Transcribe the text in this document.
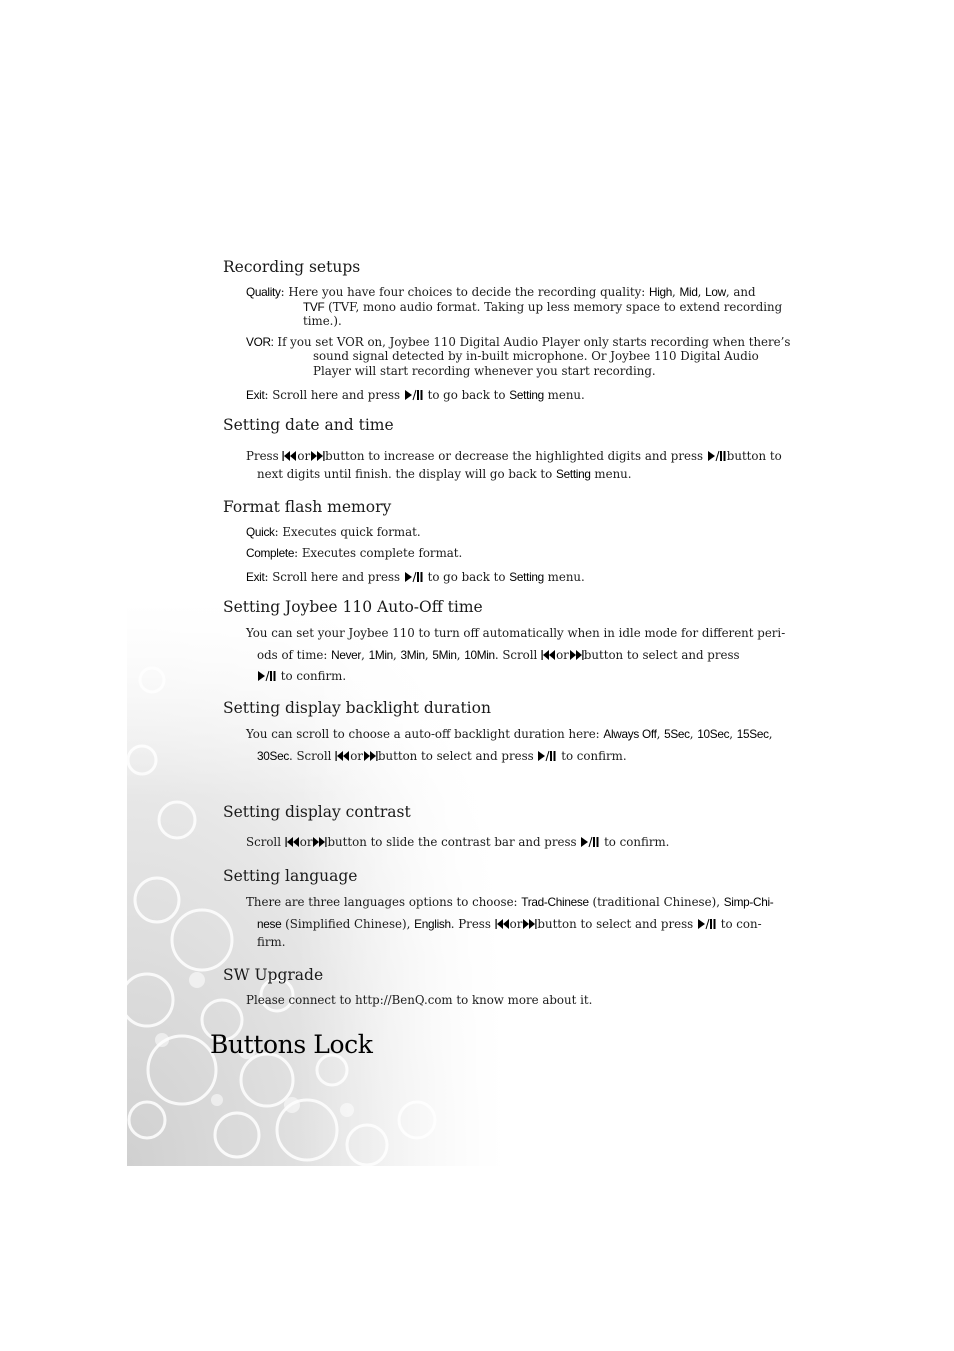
Recording setups
Quality: Here you have four choices to decide the recording quality: High, Mid, Low, and
TVF (TVF, mono audio format. Taking up less memory space to extend recording
time.).
VOR: If you set VOR on, Joybee 110 Digital Audio Player only starts recording when there’s
sound signal detected by in-built microphone. Or Joybee 110 Digital Audio
Player will start recording whenever you start recording.
Exit: Scroll here and press to go back to Setting menu.
Setting date and time
Press or button to increase or decrease the highlighted digits and press button to
next digits until finish. the display will go back to Setting menu.
Format flash memory
Quick: Executes quick format.
Complete: Executes complete format.
Exit: Scroll here and press to go back to Setting menu.
Setting Joybee 110 Auto-Off time
You can set your Joybee 110 to turn off automatically when in idle mode for different peri-
ods of time: Never, 1Min, 3Min, 5Min, 10Min. Scroll or button to select and press
to confirm.
Setting display backlight duration
You can scroll to choose a auto-off backlight duration here: Always Off, 5Sec, 10Sec, 15Sec,
30Sec. Scroll or button to select and press to confirm.
Setting display contrast
Scroll or button to slide the contrast bar and press to confirm.
Setting language
There are three languages options to choose: Trad-Chinese (traditional Chinese), Simp-Chi-
nese (Simplified Chinese), English. Press or button to select and press to con-
firm.
SW Upgrade
Please connect to http://BenQ.com to know more about it.
Buttons Lock
